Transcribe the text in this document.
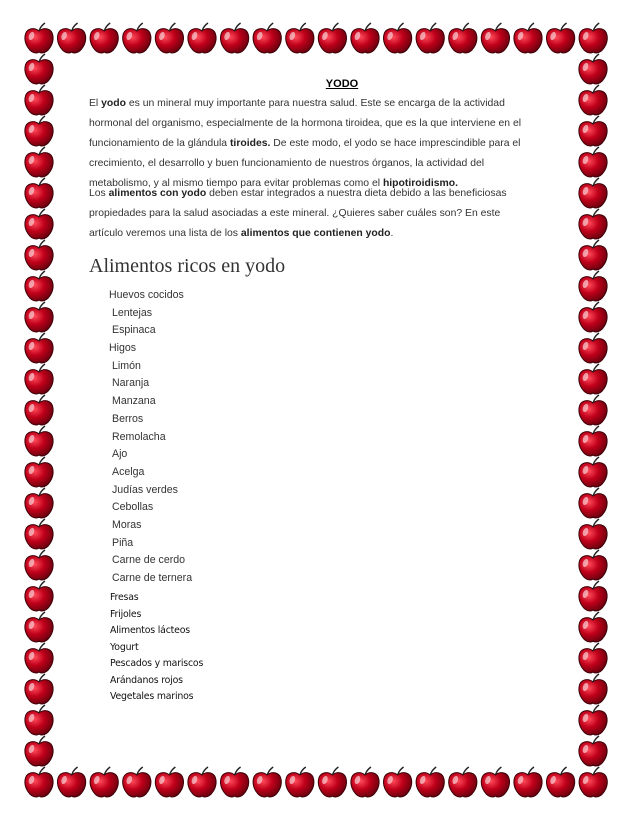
YODO
El yodo es un mineral muy importante para nuestra salud. Este se encarga de la actividad
hormonal del organismo, especialmente de la hormona tiroidea, que es la que interviene en el
funcionamiento de la glándula tiroides. De este modo, el yodo se hace imprescindible para el
crecimiento, el desarrollo y buen funcionamiento de nuestros órganos, la actividad del
metabolismo, y al mismo tiempo para evitar problemas como el hipotiroidismo.
Los alimentos con yodo deben estar integrados a nuestra dieta debido a las beneficiosas
propiedades para la salud asociadas a este mineral. ¿Quieres saber cuáles son? En este
artículo veremos una lista de los alimentos que contienen yodo.
Alimentos ricos en yodo
Huevos cocidos
Lentejas
Espinaca
Higos
Limón
Naranja
Manzana
Berros
Remolacha
Ajo
Acelga
Judías verdes
Cebollas
Moras
Piña
Carne de cerdo
Carne de ternera
Fresas
Frijoles
Alimentos lácteos
Yogurt
Pescados y mariscos
Arándanos rojos
Vegetales marinos
